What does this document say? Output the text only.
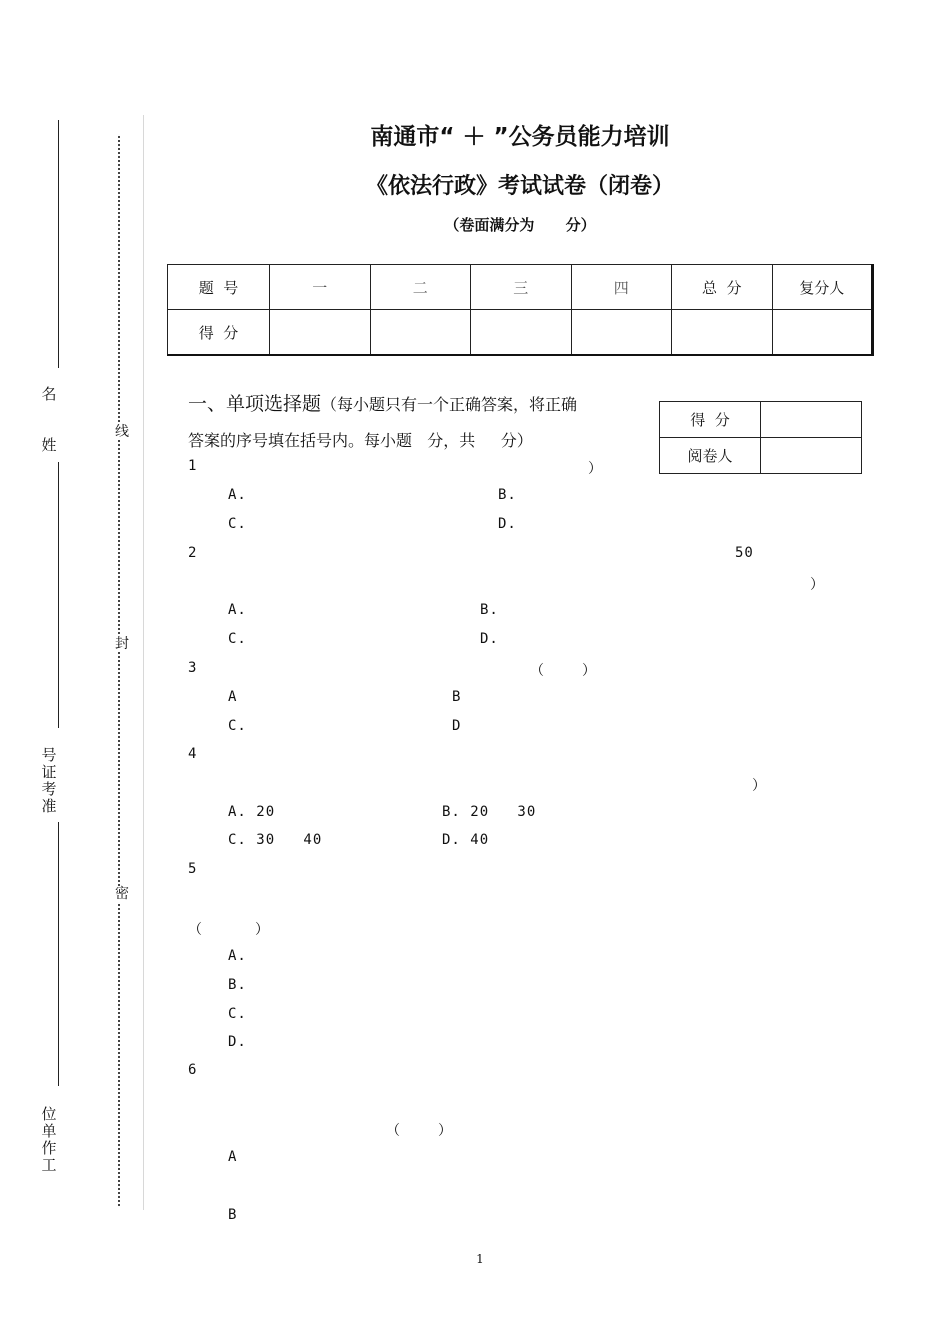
名
姓
号
证
考
准
位
单
作
工
线
封
密
南通市“ ＋ ”公务员能力培训
《依法行政》考试试卷（闭卷）
（卷面满分为      分）
题  号	一	二	三	四	总  分	复分人
得  分						
得  分	
阅卷人	
一、单项选择题（每小题只有一个正确答案，将正确
答案的序号填在括号内。每小题   分，共     分）
1	）
A.	B.
C.	D.
2	50
）
A.	B.
C.	D.
3	（	）
A	B
C.	D
4
）
A. 20	B. 20   30
C. 30   40	D. 40
5
（	）
A.
B.
C.
D.
6
（	）
A
B
1
